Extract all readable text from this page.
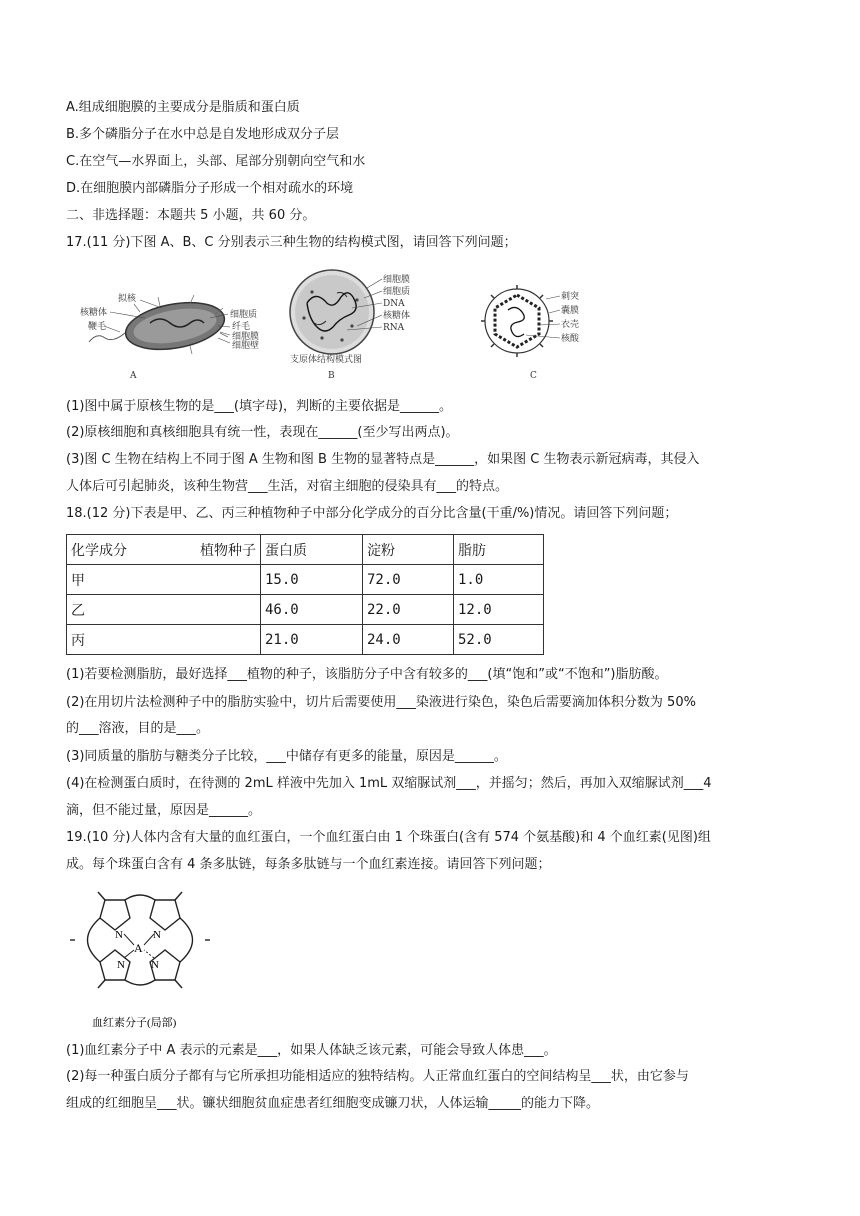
A.组成细胞膜的主要成分是脂质和蛋白质
B.多个磷脂分子在水中总是自发地形成双分子层
C.在空气—水界面上，头部、尾部分别朝向空气和水
D.在细胞膜内部磷脂分子形成一个相对疏水的环境
二、非选择题：本题共 5 小题，共 60 分。
17.(11 分)下图 A、B、C 分别表示三种生物的结构模式图，请回答下列问题；
拟核
核糖体
鞭毛
细胞质
纤毛
细胞膜
细胞壁
A
细胞膜
细胞质
DNA
核糖体
RNA
支原体结构模式图
B
刺突
囊膜
衣壳
核酸
C
(1)图中属于原核生物的是___(填字母)，判断的主要依据是______。
(2)原核细胞和真核细胞具有统一性，表现在______(至少写出两点)。
(3)图 C 生物在结构上不同于图 A 生物和图 B 生物的显著特点是______，如果图 C 生物表示新冠病毒，其侵入
人体后可引起肺炎，该种生物营___生活，对宿主细胞的侵染具有___的特点。
18.(12 分)下表是甲、乙、丙三种植物种子中部分化学成分的百分比含量(干重/%)情况。请回答下列问题；
化学成分 植物种子	蛋白质	淀粉	脂肪
甲	15.0	72.0	1.0
乙	46.0	22.0	12.0
丙	21.0	24.0	52.0
(1)若要检测脂肪，最好选择___植物的种子，该脂肪分子中含有较多的___(填“饱和”或“不饱和”)脂肪酸。
(2)在用切片法检测种子中的脂肪实验中，切片后需要使用___染液进行染色，染色后需要滴加体积分数为 50%
的___溶液，目的是___。
(3)同质量的脂肪与糖类分子比较，___中储存有更多的能量，原因是______。
(4)在检测蛋白质时，在待测的 2mL 样液中先加入 1mL 双缩脲试剂___，并摇匀；然后，再加入双缩脲试剂___4
滴，但不能过量，原因是______。
19.(10 分)人体内含有大量的血红蛋白，一个血红蛋白由 1 个珠蛋白(含有 574 个氨基酸)和 4 个血红素(见图)组
成。每个珠蛋白含有 4 条多肽链，每条多肽链与一个血红素连接。请回答下列问题；
N	N
N N
A
血红素分子(局部)
(1)血红素分子中 A 表示的元素是___，如果人体缺乏该元素，可能会导致人体患___。
(2)每一种蛋白质分子都有与它所承担功能相适应的独特结构。人正常血红蛋白的空间结构呈___状，由它参与
组成的红细胞呈___状。镰状细胞贫血症患者红细胞变成镰刀状，人体运输_____的能力下降。
